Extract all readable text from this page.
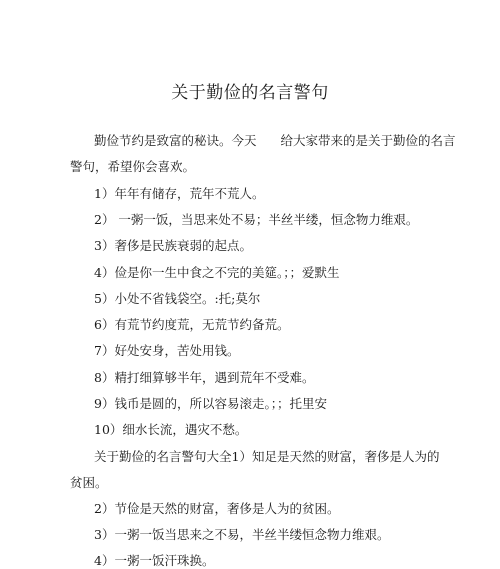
关于勤俭的名言警句
勤俭节约是致富的秘诀。今天 给大家带来的是关于勤俭的名言
警句，希望你会喜欢。
1）年年有储存，荒年不荒人。
2） 一粥一饭，当思来处不易；半丝半缕，恒念物力维艰。
3）奢侈是民族衰弱的起点。
4）俭是你一生中食之不完的美筵。；；爱默生
5）小处不省钱袋空。:托;莫尔
6）有荒节约度荒，无荒节约备荒。
7）好处安身，苦处用钱。
8）精打细算够半年，遇到荒年不受难。
9）钱币是圆的，所以容易滚走。；；托里安
10）细水长流，遇灾不愁。
关于勤俭的名言警句大全1）知足是天然的财富，奢侈是人为的
贫困。
2）节俭是天然的财富，奢侈是人为的贫困。
3）一粥一饭当思来之不易，半丝半缕恒念物力维艰。
4）一粥一饭汗珠换。
